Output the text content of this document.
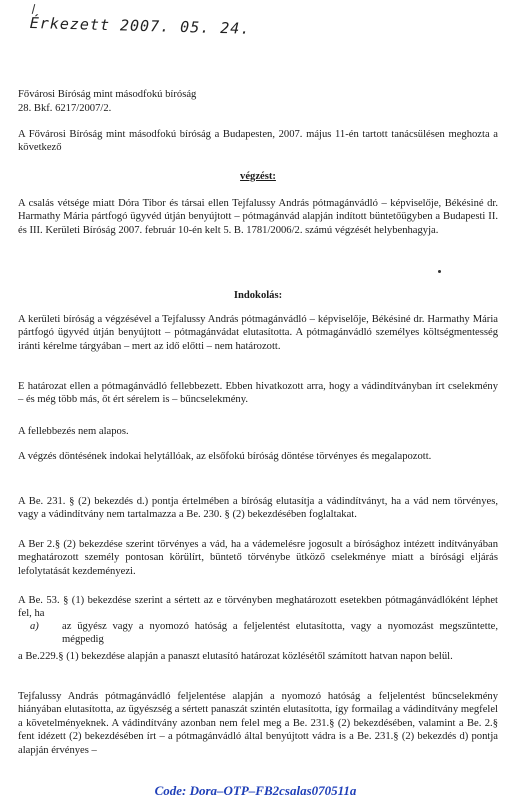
Érkezett 2007. 05. 24.

Fővárosi Bíróság mint másodfokú bíróság

28. Bkf. 6217/2007/2.

A Fővárosi Bíróság mint másodfokú bíróság a Budapesten, 2007. május 11-én tartott tanácsülésen meghozta a következő

végzést:

A csalás vétsége miatt Dóra Tibor és társai ellen Tejfalussy András pótmagánvádló – képviselője, Békésiné dr. Harmathy Mária pártfogó ügyvéd útján benyújtott – pótmagánvád alapján indított büntetőügyben a Budapesti II. és III. Kerületi Bíróság 2007. február 10-én kelt 5. B. 1781/2006/2. számú végzését helybenhagyja.

Indokolás:

A kerületi bíróság a végzésével a Tejfalussy András pótmagánvádló – képviselője, Békésiné dr. Harmathy Mária pártfogó ügyvéd útján benyújtott – pótmagánvádat elutasította. A pótmagánvádló személyes költségmentesség iránti kérelme tárgyában – mert az idő előtti – nem határozott.

E határozat ellen a pótmagánvádló fellebbezett. Ebben hivatkozott arra, hogy a vádindítványban írt cselekmény – és még több más, őt ért sérelem is – bűncselekmény.

A fellebbezés nem alapos.

A végzés döntésének indokai helytállóak, az elsőfokú bíróság döntése törvényes és megalapozott.

A Be. 231. § (2) bekezdés d.) pontja értelmében a bíróság elutasítja a vádindítványt, ha a vád nem törvényes, vagy a vádindítvány nem tartalmazza a Be. 230. § (2) bekezdésében foglaltakat.

A Ber 2.§ (2) bekezdése szerint törvényes a vád, ha a vádemelésre jogosult a bírósághoz intézett indítványában meghatározott személy pontosan körülírt, büntető törvénybe ütköző cselekménye miatt a bírósági eljárás lefolytatását kezdeményezi.

A Be. 53. § (1) bekezdése szerint a sértett az e törvényben meghatározott esetekben pótmagánvádlóként léphet fel, ha

a) az ügyész vagy a nyomozó hatóság a feljelentést elutasította, vagy a nyomozást megszüntette, mégpedig

a Be.229.§ (1) bekezdése alapján a panaszt elutasító határozat közlésétől számított hatvan napon belül.

Tejfalussy András pótmagánvádló feljelentése alapján a nyomozó hatóság a feljelentést bűncselekmény hiányában elutasította, az ügyészség a sértett panaszát szintén elutasította, így formailag a vádindítvány megfelel a követelményeknek. A vádindítvány azonban nem felel meg a Be. 231.§ (2) bekezdésében, valamint a Be. 2.§ fent idézett (2) bekezdésében írt – a pótmagánvádló által benyújtott vádra is a Be. 231.§ (2) bekezdés d) pontja alapján érvényes –

Code: Dora–OTP–FB2csalas070511a
